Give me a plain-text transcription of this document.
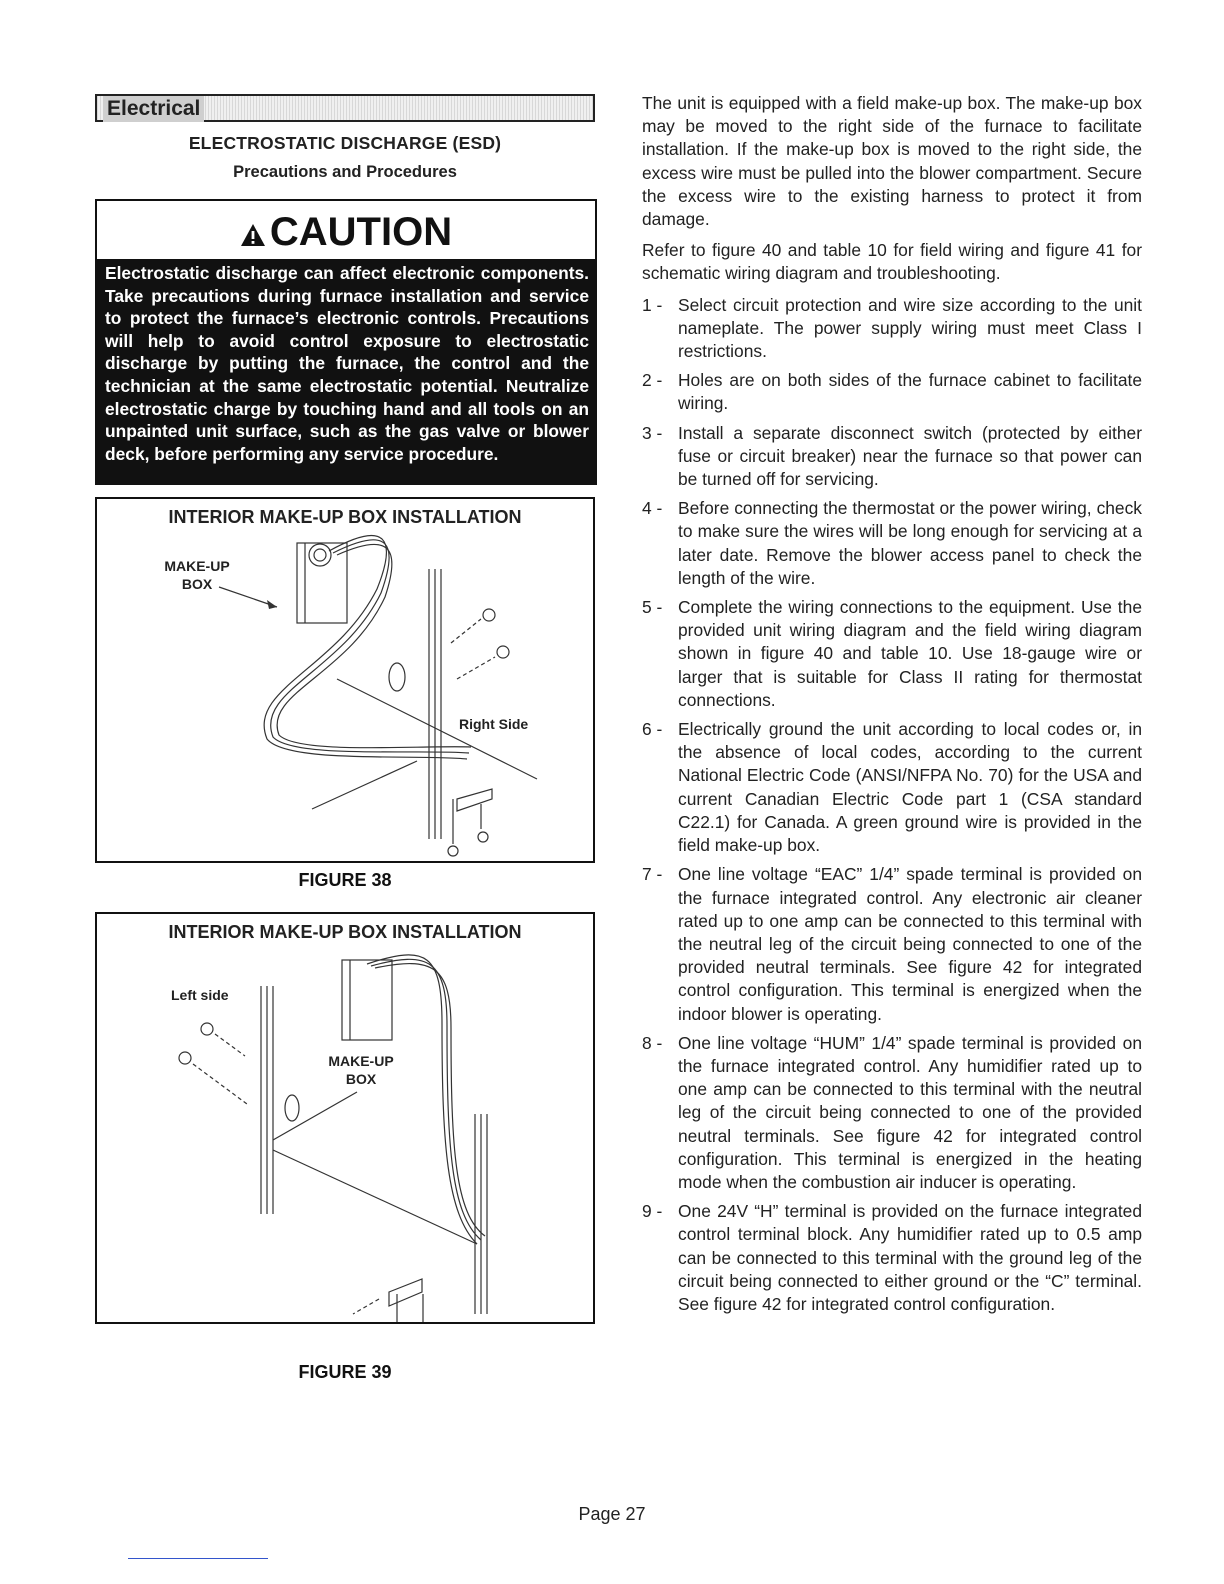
Electrical
ELECTROSTATIC DISCHARGE (ESD)
Precautions and Procedures
CAUTION
Electrostatic discharge can affect electronic components. Take precautions during furnace installation and service to protect the furnace’s electronic controls. Precautions will help to avoid control exposure to electrostatic discharge by putting the furnace, the control and the technician at the same electrostatic potential. Neutralize electrostatic charge by touching hand and all tools on an unpainted unit surface, such as the gas valve or blower deck, before performing any service procedure.
INTERIOR MAKE-UP BOX INSTALLATION
MAKE-UP
BOX
Right Side
FIGURE 38
INTERIOR MAKE-UP BOX INSTALLATION
Left side
MAKE-UP
BOX
FIGURE 39

The unit is equipped with a field make-up box. The make-up box may be moved to the right side of the furnace to facilitate installation. If the make-up box is moved to the right side, the excess wire must be pulled into the blower compartment. Secure the excess wire to the existing harness to protect it from damage.

Refer to figure 40 and table 10 for field wiring and figure 41 for schematic wiring diagram and troubleshooting.

1 - Select circuit protection and wire size according to the unit nameplate. The power supply wiring must meet Class I restrictions.
2 - Holes are on both sides of the furnace cabinet to facilitate wiring.
3 - Install a separate disconnect switch (protected by either fuse or circuit breaker) near the furnace so that power can be turned off for servicing.
4 - Before connecting the thermostat or the power wiring, check to make sure the wires will be long enough for servicing at a later date. Remove the blower access panel to check the length of the wire.
5 - Complete the wiring connections to the equipment. Use the provided unit wiring diagram and the field wiring diagram shown in figure 40 and table 10. Use 18-gauge wire or larger that is suitable for Class II rating for thermostat connections.
6 - Electrically ground the unit according to local codes or, in the absence of local codes, according to the current National Electric Code (ANSI/NFPA No. 70) for the USA and current Canadian Electric Code part 1 (CSA standard C22.1) for Canada. A green ground wire is provided in the field make-up box.
7 - One line voltage “EAC” 1/4” spade terminal is provided on the furnace integrated control. Any electronic air cleaner rated up to one amp can be connected to this terminal with the neutral leg of the circuit being connected to one of the provided neutral terminals. See figure 42 for integrated control configuration. This terminal is energized when the indoor blower is operating.
8 - One line voltage “HUM” 1/4” spade terminal is provided on the furnace integrated control. Any humidifier rated up to one amp can be connected to this terminal with the neutral leg of the circuit being connected to one of the provided neutral terminals. See figure 42 for integrated control configuration. This terminal is energized in the heating mode when the combustion air inducer is operating.
9 - One 24V “H” terminal is provided on the furnace integrated control terminal block. Any humidifier rated up to 0.5 amp can be connected to this terminal with the ground leg of the circuit being connected to either ground or the “C” terminal. See figure 42 for integrated control configuration.
Page 27
